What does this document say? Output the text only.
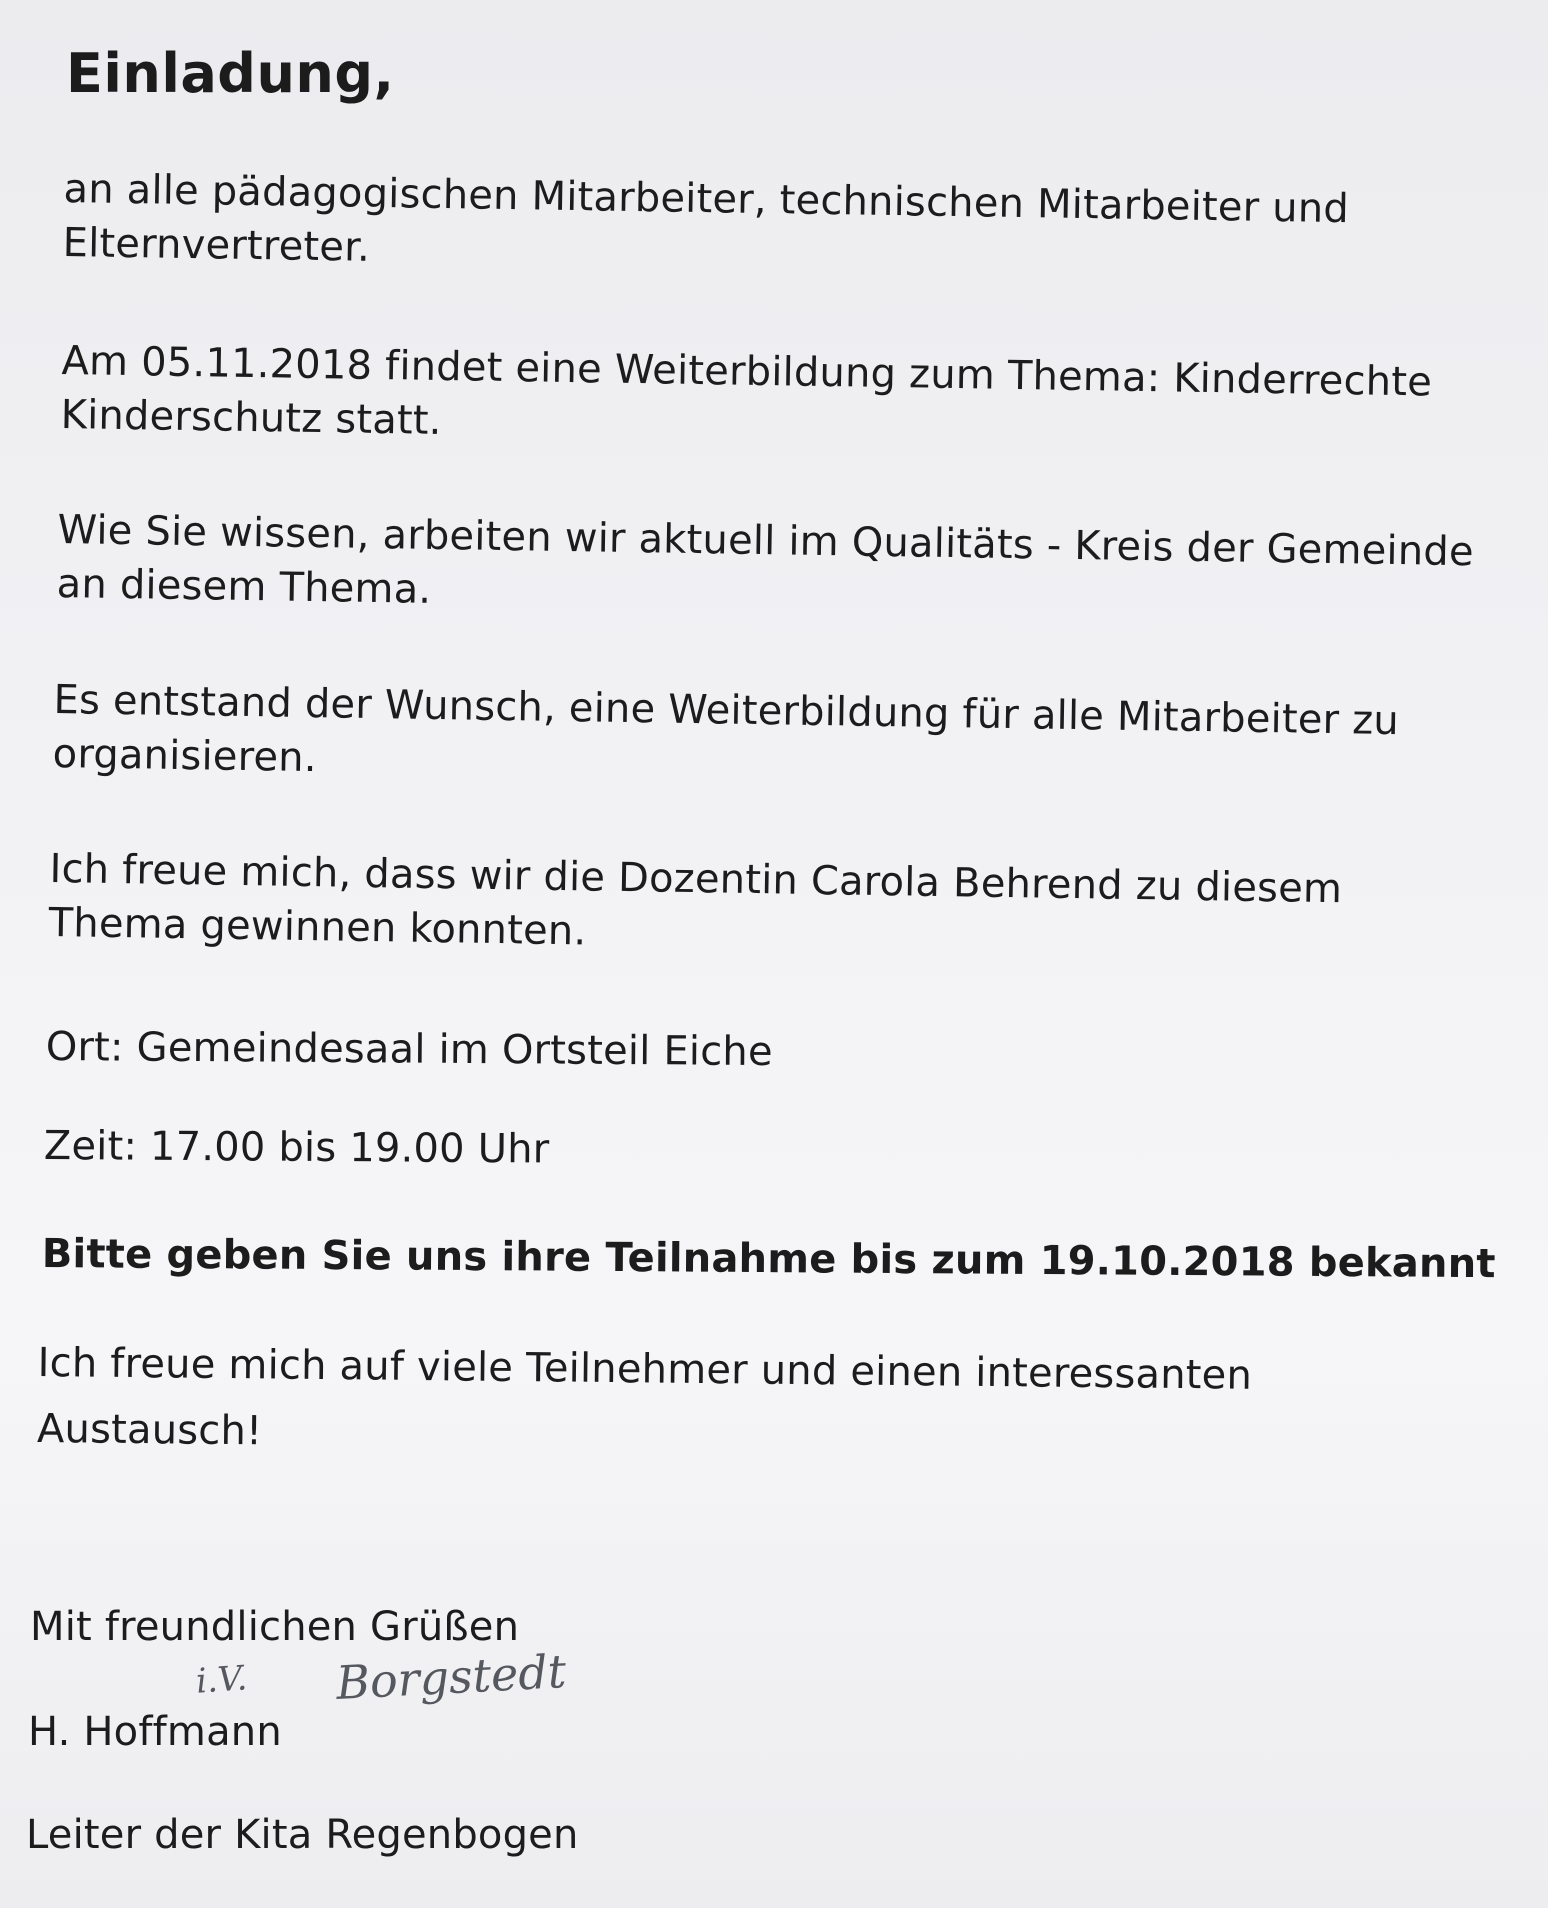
Einladung,
an alle pädagogischen Mitarbeiter, technischen Mitarbeiter und
Elternvertreter.
Am 05.11.2018 findet eine Weiterbildung zum Thema: Kinderrechte
Kinderschutz statt.
Wie Sie wissen, arbeiten wir aktuell im Qualitäts - Kreis der Gemeinde
an diesem Thema.
Es entstand der Wunsch, eine Weiterbildung für alle Mitarbeiter zu
organisieren.
Ich freue mich, dass wir die Dozentin Carola Behrend zu diesem
Thema gewinnen konnten.
Ort: Gemeindesaal im Ortsteil Eiche
Zeit: 17.00 bis 19.00 Uhr
Bitte geben Sie uns ihre Teilnahme bis zum 19.10.2018 bekannt
Ich freue mich auf viele Teilnehmer und einen interessanten
Austausch!
Mit freundlichen Grüßen
i.V. Borgstedt
H. Hoffmann
Leiter der Kita Regenbogen
